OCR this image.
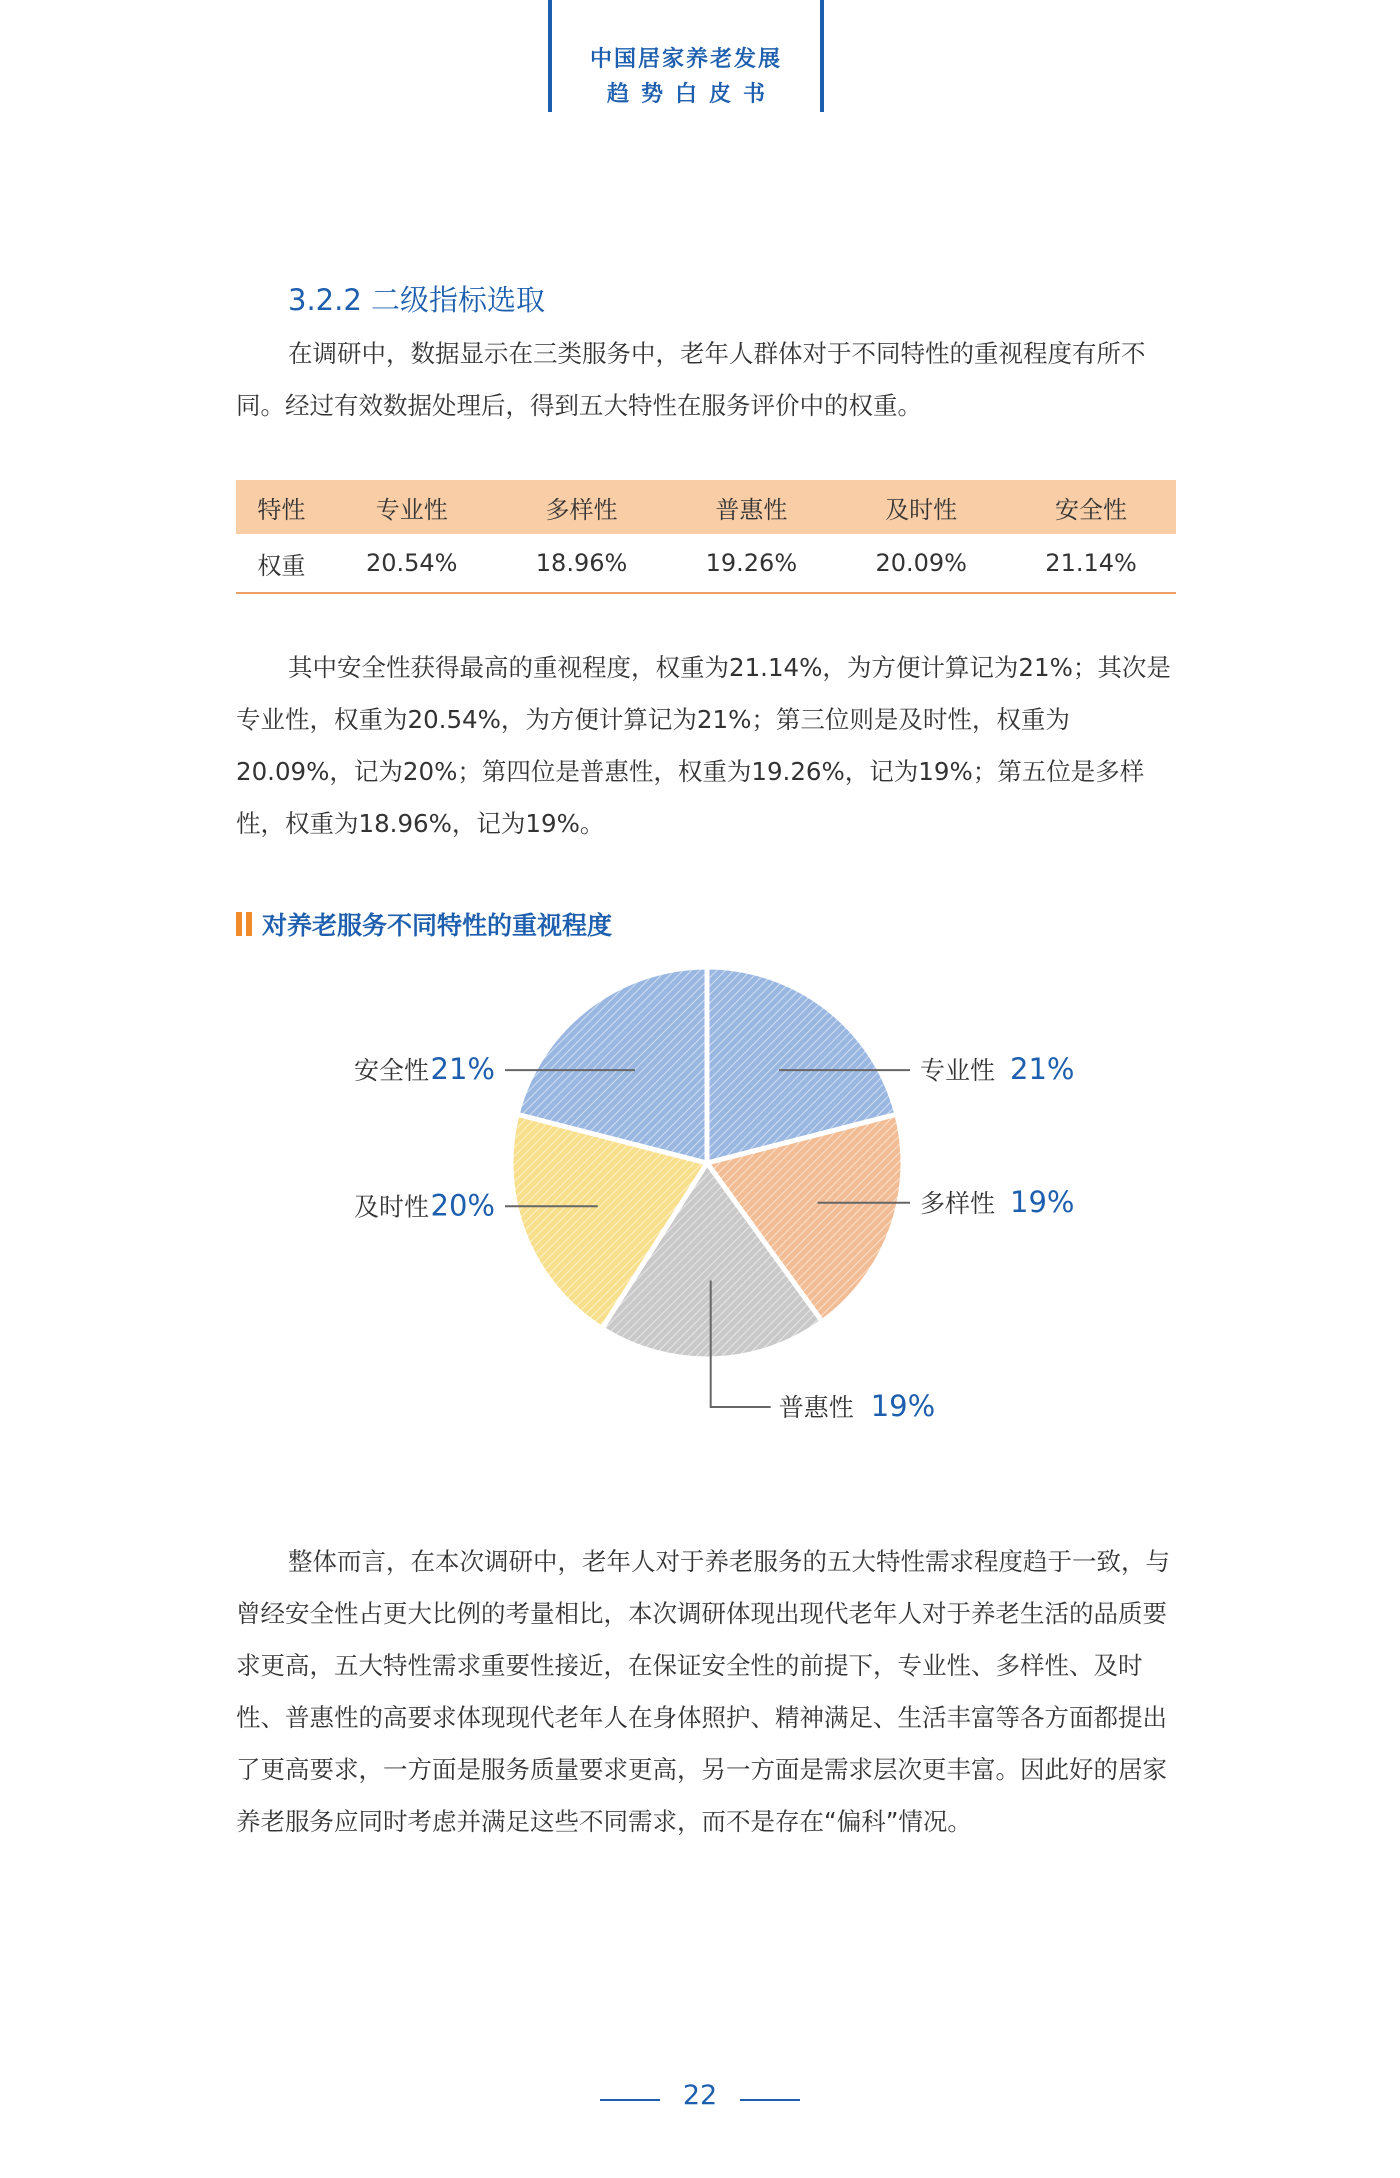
中国居家养老发展
趋势白皮书
3.2.2 二级指标选取

在调研中，数据显示在三类服务中，老年人群体对于不同特性的重视程度有所不同。经过有效数据处理后，得到五大特性在服务评价中的权重。

特性	专业性	多样性	普惠性	及时性	安全性
权重	20.54%	18.96%	19.26%	20.09%	21.14%

其中安全性获得最高的重视程度，权重为21.14%，为方便计算记为21%；其次是专业性，权重为20.54%，为方便计算记为21%；第三位则是及时性，权重为20.09%，记为20%；第四位是普惠性，权重为19.26%，记为19%；第五位是多样性，权重为18.96%，记为19%。

对养老服务不同特性的重视程度
专业性 21%
多样性 19%
普惠性 19%
20%
及时性
21%
安全性

整体而言，在本次调研中，老年人对于养老服务的五大特性需求程度趋于一致，与曾经安全性占更大比例的考量相比，本次调研体现出现代老年人对于养老生活的品质要求更高，五大特性需求重要性接近，在保证安全性的前提下，专业性、多样性、及时性、普惠性的高要求体现现代老年人在身体照护、精神满足、生活丰富等各方面都提出了更高要求，一方面是服务质量要求更高，另一方面是需求层次更丰富。因此好的居家养老服务应同时考虑并满足这些不同需求，而不是存在“偏科”情况。

22
